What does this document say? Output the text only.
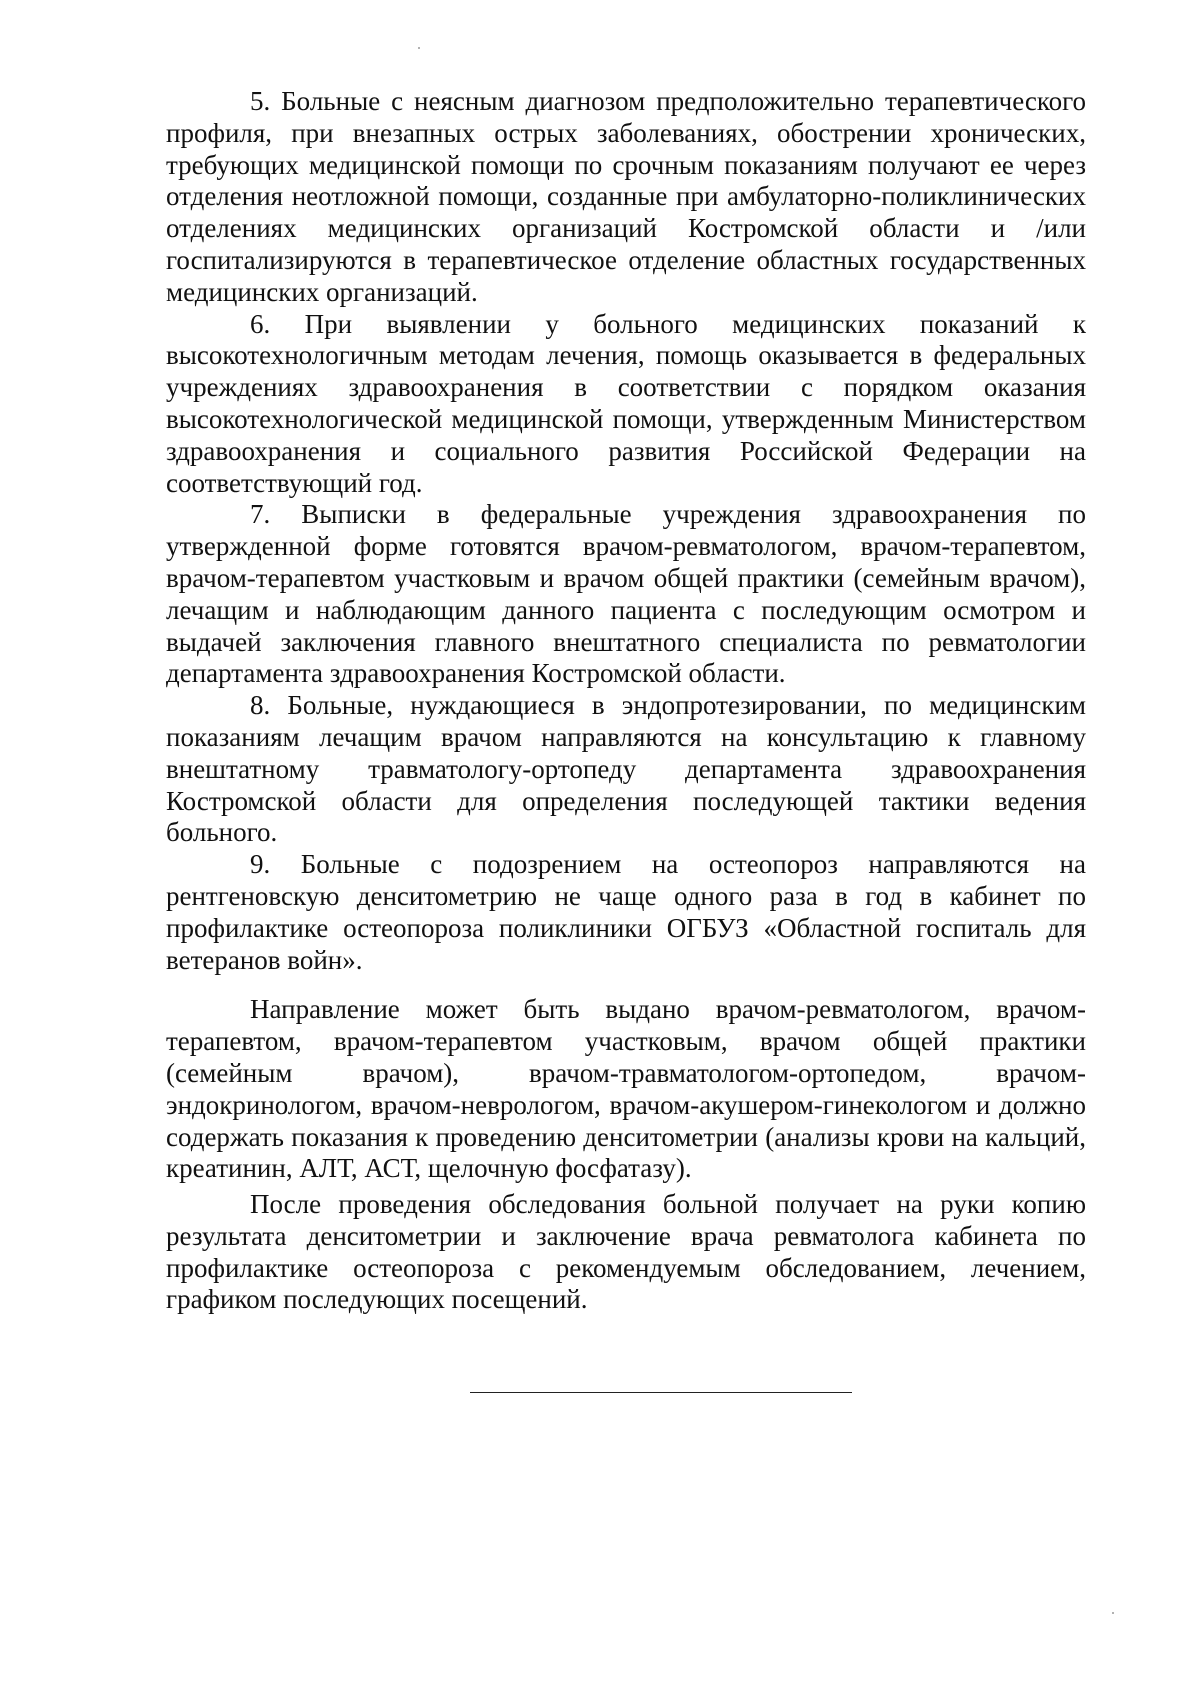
5. Больные с неясным диагнозом предположительно терапевтического профиля, при внезапных острых заболеваниях, обострении хронических, требующих медицинской помощи по срочным показаниям получают ее через отделения неотложной помощи, созданные при амбулаторно-поликлинических отделениях медицинских организаций Костромской области и /или госпитализируются в терапевтическое отделение областных государственных медицинских организаций.

6. При выявлении у больного медицинских показаний к высокотехнологичным методам лечения, помощь оказывается в федеральных учреждениях здравоохранения в соответствии с порядком оказания высокотехнологической медицинской помощи, утвержденным Министерством здравоохранения и социального развития Российской Федерации на соответствующий год.

7. Выписки в федеральные учреждения здравоохранения по утвержденной форме готовятся врачом-ревматологом, врачом-терапевтом, врачом-терапевтом участковым и врачом общей практики (семейным врачом), лечащим и наблюдающим данного пациента с последующим осмотром и выдачей заключения главного внештатного специалиста по ревматологии департамента здравоохранения Костромской области.

8. Больные, нуждающиеся в эндопротезировании, по медицинским показаниям лечащим врачом направляются на консультацию к главному внештатному травматологу-ортопеду департамента здравоохранения Костромской области для определения последующей тактики ведения больного.

9. Больные с подозрением на остеопороз направляются на рентгеновскую денситометрию не чаще одного раза в год в кабинет по профилактике остеопороза поликлиники ОГБУЗ «Областной госпиталь для ветеранов войн».

Направление может быть выдано врачом-ревматологом, врачом-терапевтом, врачом-терапевтом участковым, врачом общей практики (семейным врачом), врачом-травматологом-ортопедом, врачом-эндокринологом, врачом-неврологом, врачом-акушером-гинекологом и должно содержать показания к проведению денситометрии (анализы крови на кальций, креатинин, АЛТ, АСТ, щелочную фосфатазу).

После проведения обследования больной получает на руки копию результата денситометрии и заключение врача ревматолога кабинета по профилактике остеопороза с рекомендуемым обследованием, лечением, графиком последующих посещений.
